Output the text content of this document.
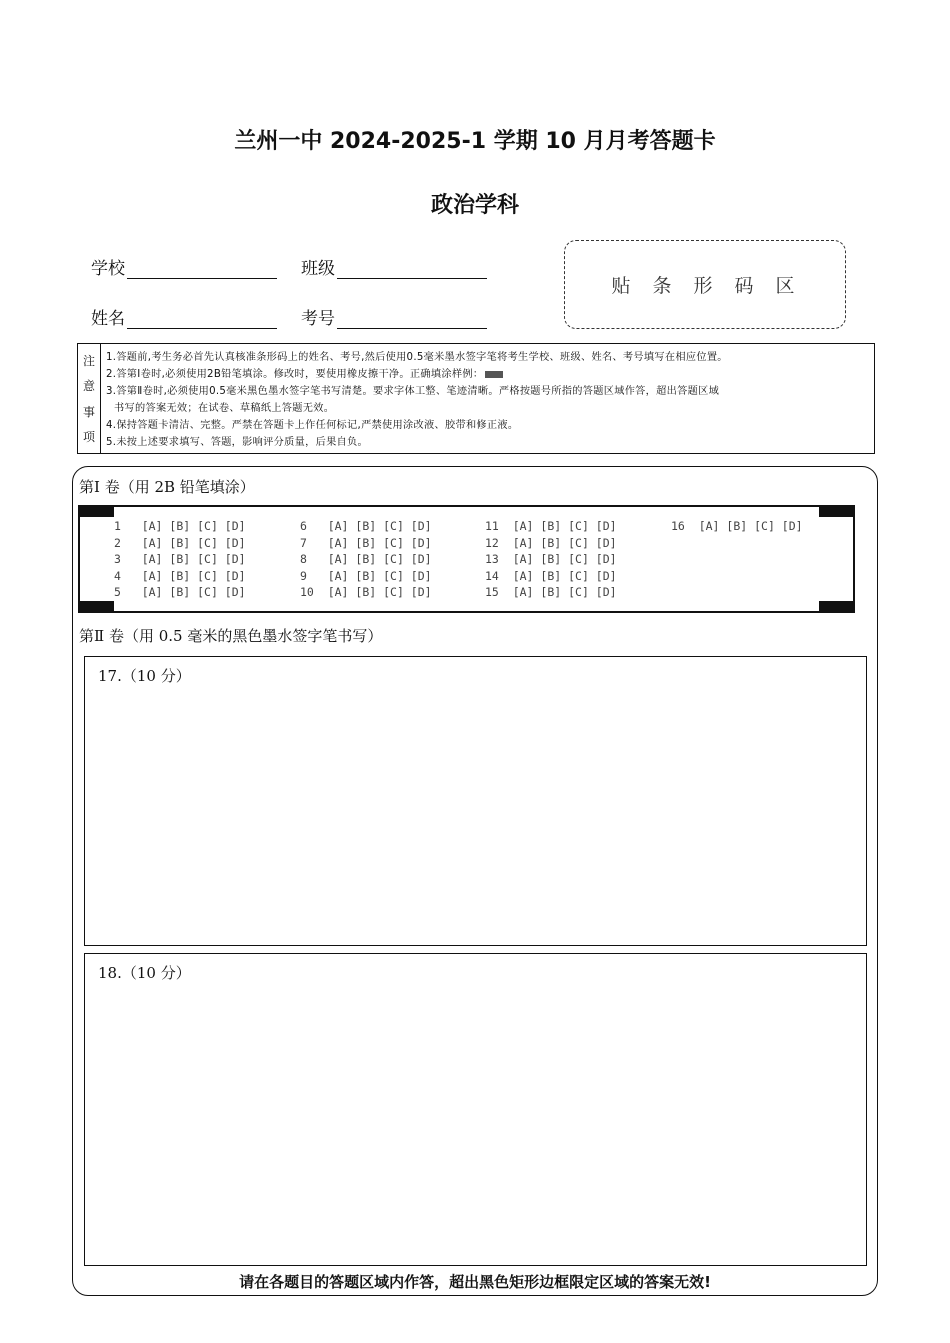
兰州一中 2024-2025-1 学期 10 月月考答题卡
政治学科
学校	班级
姓名	考号
贴条形码区
注
意
事
项
1.答题前,考生务必首先认真核准条形码上的姓名、考号,然后使用0.5毫米墨水签字笔将考生学校、班级、姓名、考号填写在相应位置。
2.答第Ⅰ卷时,必须使用2B铅笔填涂。修改时，要使用橡皮擦干净。正确填涂样例：
3.答第Ⅱ卷时,必须使用0.5毫米黑色墨水签字笔书写清楚。要求字体工整、笔迹清晰。严格按题号所指的答题区域作答，超出答题区域
书写的答案无效；在试卷、草稿纸上答题无效。
4.保持答题卡清洁、完整。严禁在答题卡上作任何标记,严禁使用涂改液、胶带和修正液。
5.未按上述要求填写、答题，影响评分质量，后果自负。
第Ⅰ 卷（用 2B 铅笔填涂）
1   [A] [B] [C] [D]
2   [A] [B] [C] [D]
3   [A] [B] [C] [D]
4   [A] [B] [C] [D]
5   [A] [B] [C] [D]
6   [A] [B] [C] [D]
7   [A] [B] [C] [D]
8   [A] [B] [C] [D]
9   [A] [B] [C] [D]
10  [A] [B] [C] [D]
11  [A] [B] [C] [D]
12  [A] [B] [C] [D]
13  [A] [B] [C] [D]
14  [A] [B] [C] [D]
15  [A] [B] [C] [D]
16  [A] [B] [C] [D]
第Ⅱ 卷（用 0.5 毫米的黑色墨水签字笔书写）
17.（10 分）
18.（10 分）
请在各题目的答题区域内作答，超出黑色矩形边框限定区域的答案无效!
